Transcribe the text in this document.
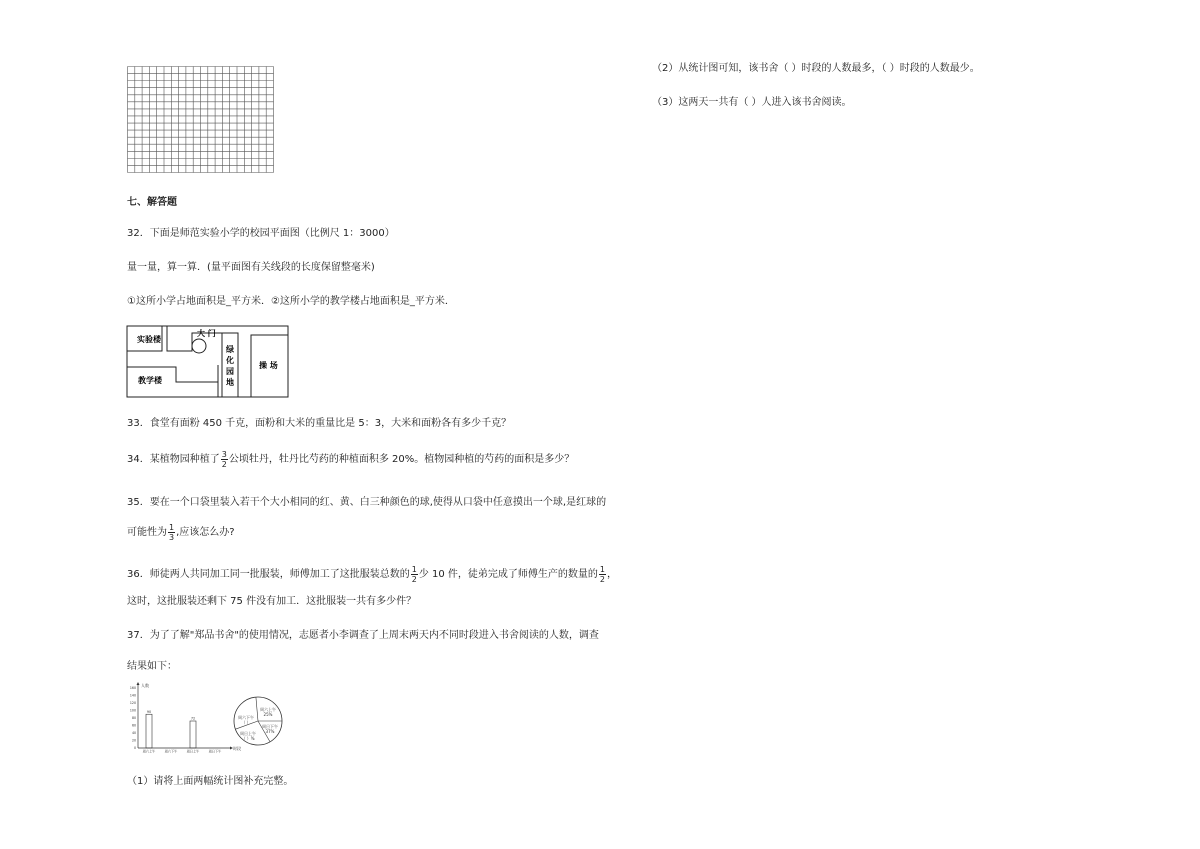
七、解答题
32．下面是师范实验小学的校园平面图（比例尺 1：3000）
量一量，算一算．(量平面图有关线段的长度保留整毫米)
①这所小学占地面积是_平方米．②这所小学的教学楼占地面积是_平方米．
实验楼
大 门
绿
化
园
地
操 场
教学楼
33．食堂有面粉 450 千克，面粉和大米的重量比是 5：3，大米和面粉各有多少千克？
34．某植物园种植了 $\frac{3}{2}$ 公顷牡丹，牡丹比芍药的种植面积多 20%。植物园种植的芍药的面积是多少？
35．要在一个口袋里装入若干个大小相同的红、黄、白三种颜色的球,使得从口袋中任意摸出一个球,是红球的
可能性为 $\frac{1}{3}$ ,应该怎么办?
36．师徒两人共同加工同一批服装，师傅加工了这批服装总数的 $\frac{1}{2}$ 少 10 件，徒弟完成了师傅生产的数量的 $\frac{1}{2}$ ，
这时，这批服装还剩下 75 件没有加工．这批服装一共有多少件？
37．为了了解"郑品书舍"的使用情况，志愿者小李调查了上周末两天内不同时段进入书舍阅读的人数，调查
结果如下：
人数
时段
0
20
40
60
80
100
120
140
160
90
周六上午	周六下午
72
周日上午	周日下午
周六上午
25%
周六下午
（ ）
周日上午
（ ）%
周日下午
37%
（1）请将上面两幅统计图补充完整。
（2）从统计图可知，该书舍（ ）时段的人数最多，（ ）时段的人数最少。
（3）这两天一共有（ ）人进入该书舍阅读。
